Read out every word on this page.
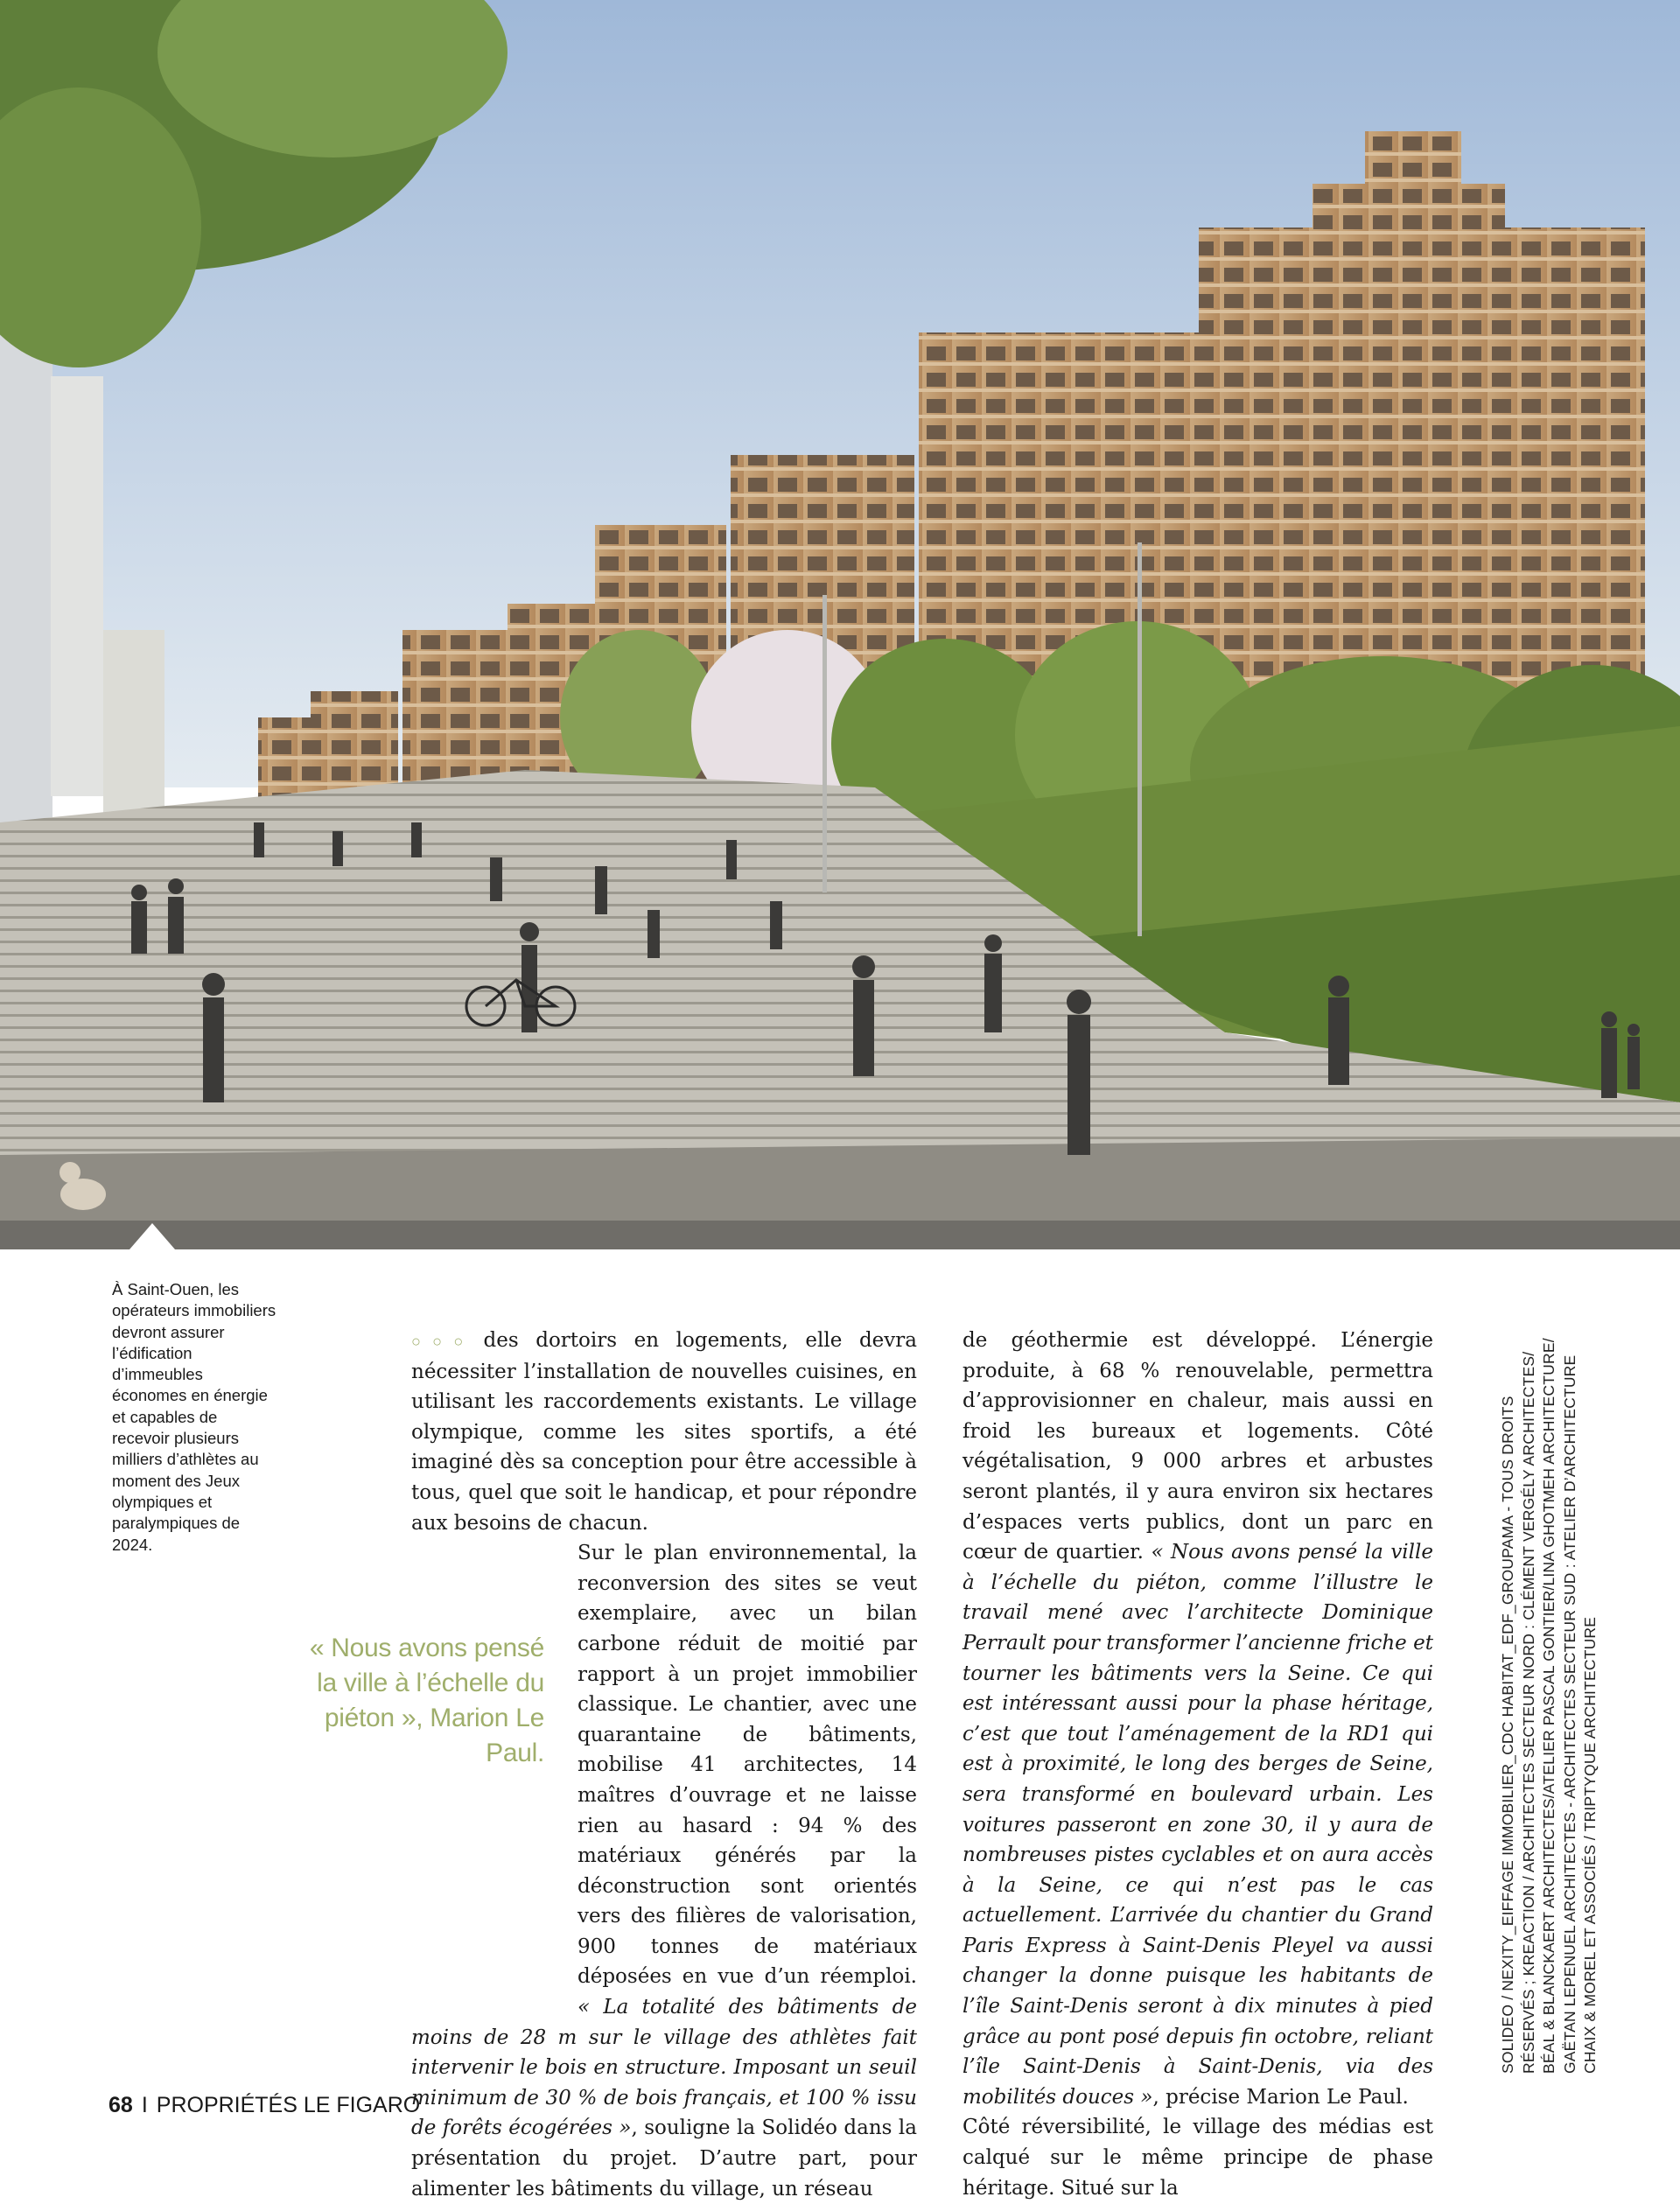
À Saint-Ouen, les opérateurs immobiliers devront assurer l’édification d’immeubles économes en énergie et capables de recevoir plusieurs milliers d’athlètes au moment des Jeux olympiques et paralympiques de 2024.
« Nous avons pensé la ville à l’échelle du piéton », Marion Le Paul.

○○○ des dortoirs en logements, elle devra nécessiter l’installation de nouvelles cuisines, en utilisant les raccordements existants. Le village olympique, comme les sites sportifs, a été imaginé dès sa conception pour être accessible à tous, quel que soit le handicap, et pour répondre aux besoins de chacun.

Sur le plan environnemental, la reconversion des sites se veut exemplaire, avec un bilan carbone réduit de moitié par rapport à un projet immobilier classique. Le chantier, avec une quarantaine de bâtiments, mobilise 41 architectes, 14 maîtres d’ouvrage et ne laisse rien au hasard : 94 % des matériaux générés par la déconstruction sont orientés vers des filières de valorisation, 900 tonnes de matériaux déposées en vue d’un réemploi. « La totalité des bâtiments de moins de 28 m sur le village des athlètes fait intervenir le bois en structure. Imposant un seuil minimum de 30 % de bois français, et 100 % issu de forêts écogérées », souligne la Solidéo dans la présentation du projet. D’autre part, pour alimenter les bâtiments du village, un réseau

de géothermie est développé. L’énergie produite, à 68 % renouvelable, permettra d’approvisionner en chaleur, mais aussi en froid les bureaux et logements. Côté végétalisation, 9 000 arbres et arbustes seront plantés, il y aura environ six hectares d’espaces verts publics, dont un parc en cœur de quartier. « Nous avons pensé la ville à l’échelle du piéton, comme l’illustre le travail mené avec l’architecte Dominique Perrault pour transformer l’ancienne friche et tourner les bâtiments vers la Seine. Ce qui est intéressant aussi pour la phase héritage, c’est que tout l’aménagement de la RD1 qui est à proximité, le long des berges de Seine, sera transformé en boulevard urbain. Les voitures passeront en zone 30, il y aura de nombreuses pistes cyclables et on aura accès à la Seine, ce qui n’est pas le cas actuellement. L’arrivée du chantier du Grand Paris Express à Saint-Denis Pleyel va aussi changer la donne puisque les habitants de l’île Saint-Denis seront à dix minutes à pied grâce au pont posé depuis fin octobre, reliant l’île Saint-Denis à Saint-Denis, via des mobilités douces », précise Marion Le Paul.

Côté réversibilité, le village des médias est calqué sur le même principe de phase héritage. Situé sur la

SOLIDEO / NEXITY_EIFFAGE IMMOBILIER_CDC HABITAT_EDF_GROUPAMA - TOUS DROITS RÉSERVÉS ; KREACTION / ARCHITECTES SECTEUR NORD : CLÉMENT VERGÉLY ARCHITECTES/ BÉAL & BLANCKAERT ARCHITECTES/ATELIER PASCAL GONTIER/LINA GHOTMEH ARCHITECTURE/ GAËTAN LEPENUEL ARCHITECTES - ARCHITECTES SECTEUR SUD : ATELIER D’ARCHITECTURE CHAIX & MOREL ET ASSOCIÉS / TRIPTYQUE ARCHITECTURE
68 I PROPRIÉTÉS LE FIGARO
